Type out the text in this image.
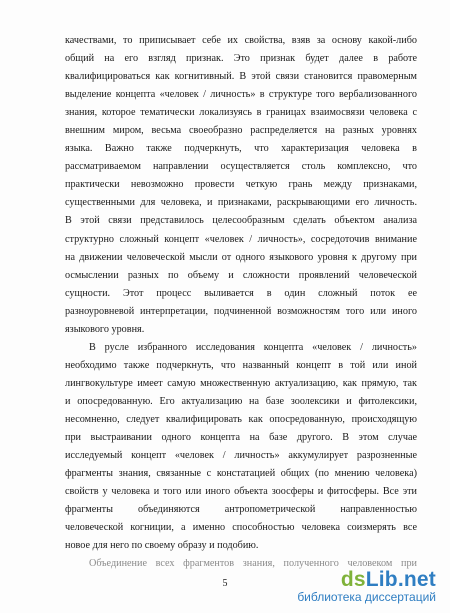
качествами, то приписывает себе их свойства, взяв за основу какой-либо
общий на его взгляд признак. Это признак будет далее в работе
квалифицироваться как когнитивный. В этой связи становится правомерным
выделение концепта «человек / личность» в структуре того вербализованного
знания, которое тематически локализуясь в границах взаимосвязи человека с
внешним миром, весьма своеобразно распределяется на разных уровнях
языка. Важно также подчеркнуть, что характеризация человека в
рассматриваемом направлении осуществляется столь комплексно, что
практически невозможно провести четкую грань между признаками,
существенными для человека, и признаками, раскрывающими его личность.
В этой связи представилось целесообразным сделать объектом анализа
структурно сложный концепт «человек / личность», сосредоточив внимание
на движении человеческой мысли от одного языкового уровня к другому при
осмыслении разных по объему и сложности проявлений человеческой
сущности. Этот процесс выливается в один сложный поток ее
разноуровневой интерпретации, подчиненной возможностям того или иного
языкового уровня.
В русле избранного исследования концепта «человек / личность»
необходимо также подчеркнуть, что названный концепт в той или иной
лингвокультуре имеет самую множественную актуализацию, как прямую, так
и опосредованную. Его актуализацию на базе зоолексики и фитолексики,
несомненно, следует квалифицировать как опосредованную, происходящую
при выстраивании одного концепта на базе другого. В этом случае
исследуемый концепт «человек / личность» аккумулирует разрозненные
фрагменты знания, связанные с констатацией общих (по мнению человека)
свойств у человека и того или иного объекта зоосферы и фитосферы. Все эти
фрагменты объединяются антропометрической направленностью
человеческой когниции, а именно способностью человека соизмерять все
новое для него по своему образу и подобию.
Объединение всех фрагментов знания, полученного человеком при
5	dsLib.net
библиотека диссертаций
